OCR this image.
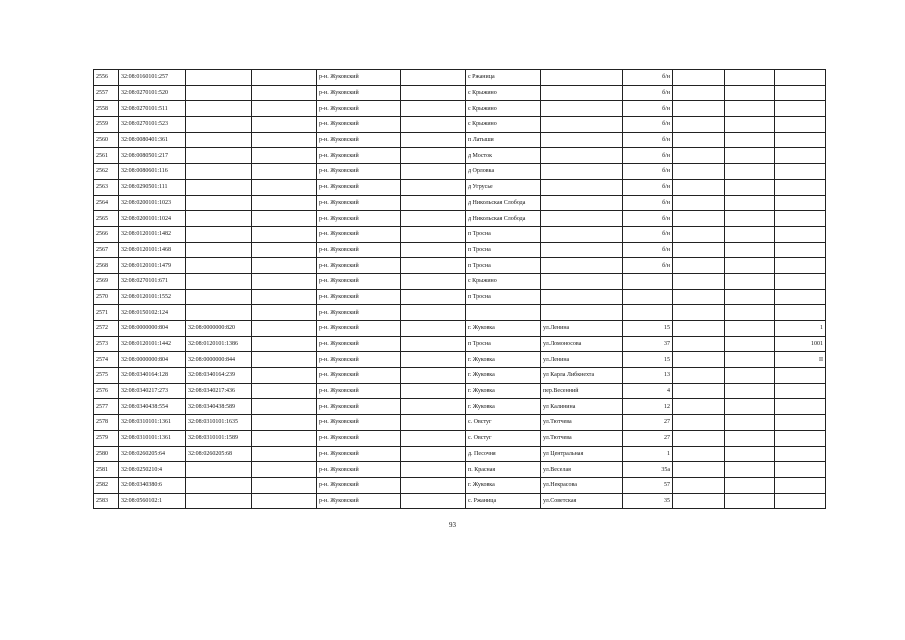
2556	32:08:0160101:257			р-н. Жуковский		с Ржаница		б/н			
2557	32:08:0270101:520			р-н. Жуковский		с Крыжино		б/н			
2558	32:08:0270101:511			р-н. Жуковский		с Крыжино		б/н			
2559	32:08:0270101:523			р-н. Жуковский		с Крыжино		б/н			
2560	32:08:0080401:361			р-н. Жуковский		п Латыши		б/н			
2561	32:08:0080501:217			р-н. Жуковский		д Мосток		б/н			
2562	32:08:0080601:116			р-н. Жуковский		д Орловка		б/н			
2563	32:08:0290501:111			р-н. Жуковский		д Угрусье		б/н			
2564	32:08:0200101:1023			р-н. Жуковский		д Никольская Слобода		б/н			
2565	32:08:0200101:1024			р-н. Жуковский		д Никольская Слобода		б/н			
2566	32:08:0120101:1482			р-н. Жуковский		п Тросна		б/н			
2567	32:08:0120101:1468			р-н. Жуковский		п Тросна		б/н			
2568	32:08:0120101:1479			р-н. Жуковский		п Тросна		б/н			
2569	32:08:0270101:671			р-н. Жуковский		с Крыжино					
2570	32:08:0120101:1552			р-н. Жуковский		п Тросна					
2571	32:08:0150102:124			р-н. Жуковский							
2572	32:08:0000000:804	32:08:0000000:820		р-н. Жуковский		г. Жуковка	ул.Ленина	15			1
2573	32:08:0120101:1442	32:08:0120101:1386		р-н. Жуковский		п Тросна	ул.Ломоносова	37			1001
2574	32:08:0000000:804	32:08:0000000:844		р-н. Жуковский		г. Жуковка	ул.Ленина	15			II
2575	32:08:0340164:128	32:08:0340164:239		р-н. Жуковский		г. Жуковка	ул Карла Либкнехта	13			
2576	32:08:0340217:273	32:08:0340217:436		р-н. Жуковский		г. Жуковка	пер.Весенний	4			
2577	32:08:0340438:554	32:08:0340438:589		р-н. Жуковский		г. Жуковка	ул Калинина	12			
2578	32:08:0310101:1361	32:08:0310101:1635		р-н. Жуковский		с. Овстуг	ул.Тютчева	27			
2579	32:08:0310101:1361	32:08:0310101:1589		р-н. Жуковский		с. Овстуг	ул.Тютчева	27			
2580	32:08:0260205:64	32:08:0260205:68		р-н. Жуковский		д. Песочня	ул Центральная	1			
2581	32:08:0250210:4			р-н. Жуковский		п. Красная	ул.Веселая	35а			
2582	32:08:0340380:6			р-н. Жуковский		г. Жуковка	ул.Некрасова	57			
2583	32:08:0560102:1			р-н. Жуковский		с. Ржаница	ул.Советская	35			
93
